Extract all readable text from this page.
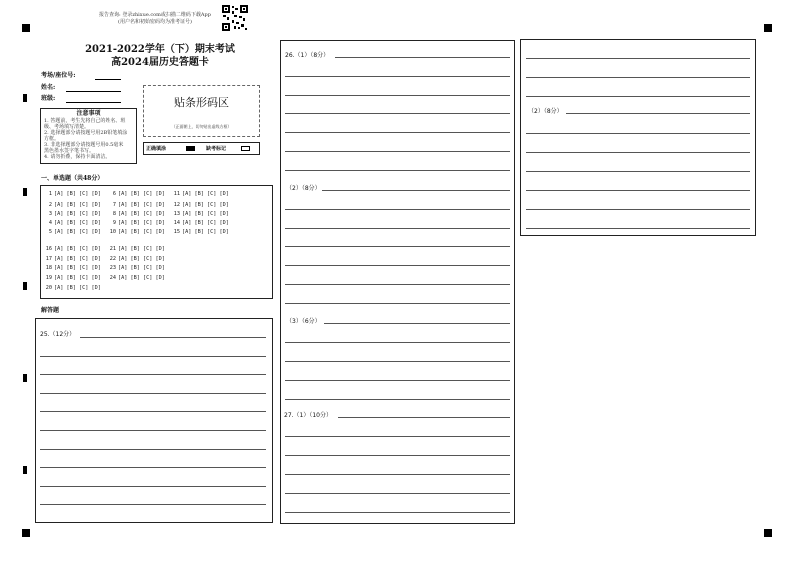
报告查询: 登录zhixue.com或扫描二维码下载App
(用户名和初始密码均为准考证号)
2021-2022学年（下）期末考试
高2024届历史答题卡
考场/座位号:
姓名:
班级:
注意事项
1. 答题前，考生先将自己的姓名、班
级、考场填写清楚。
2. 选择题部分请按题号用2B铅笔填涂
方框。
3. 非选择题部分请按题号用0.5毫米
黑色墨水签字笔书写。
4. 请勿折叠，保持卡面清洁。
贴条形码区
（正面朝上，切勿贴出虚线方框）
正确填涂	缺考标记
一、单选题（共48分）
1 [A] [B] [C] [D]
2 [A] [B] [C] [D]
3 [A] [B] [C] [D]
4 [A] [B] [C] [D]
5 [A] [B] [C] [D]
6 [A] [B] [C] [D]
7 [A] [B] [C] [D]
8 [A] [B] [C] [D]
9 [A] [B] [C] [D]
10 [A] [B] [C] [D]
11 [A] [B] [C] [D]
12 [A] [B] [C] [D]
13 [A] [B] [C] [D]
14 [A] [B] [C] [D]
15 [A] [B] [C] [D]
16 [A] [B] [C] [D]
17 [A] [B] [C] [D]
18 [A] [B] [C] [D]
19 [A] [B] [C] [D]
20 [A] [B] [C] [D]
21 [A] [B] [C] [D]
22 [A] [B] [C] [D]
23 [A] [B] [C] [D]
24 [A] [B] [C] [D]
解答题
25.（12分）
26.（1）（8分）
（2）（8分）
（3）（6分）
27.（1）（10分）
（2）（8分）
